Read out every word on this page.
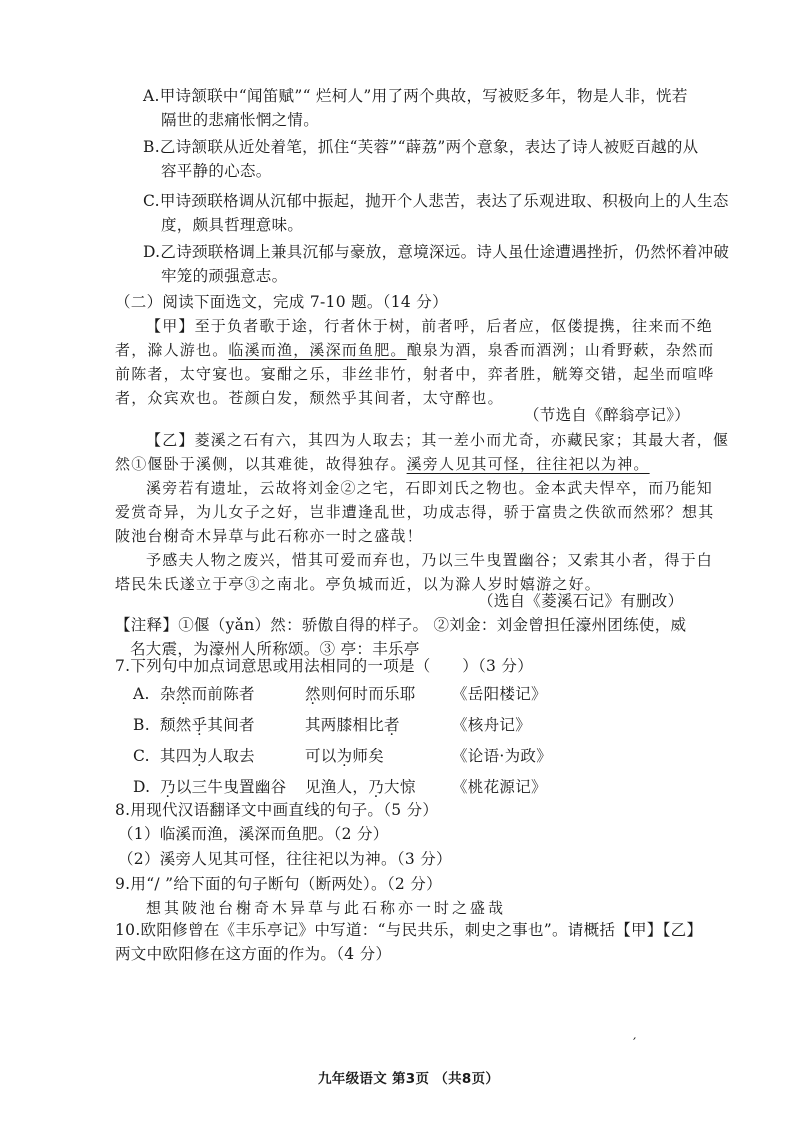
A.甲诗颔联中“闻笛赋”“ 烂柯人”用了两个典故，写被贬多年，物是人非，恍若
隔世的悲痛怅惘之情。
B.乙诗颔联从近处着笔，抓住“芙蓉”“薜荔”两个意象，表达了诗人被贬百越的从
容平静的心态。
C.甲诗颈联格调从沉郁中振起，抛开个人悲苦，表达了乐观进取、积极向上的人生态
度，颇具哲理意味。
D.乙诗颈联格调上兼具沉郁与豪放，意境深远。诗人虽仕途遭遇挫折，仍然怀着冲破
牢笼的顽强意志。
（二）阅读下面选文，完成 7-10 题。（14 分）
【甲】至于负者歌于途，行者休于树，前者呼，后者应，伛偻提携，往来而不绝
者，滁人游也。临溪而渔，溪深而鱼肥。酿泉为酒，泉香而酒洌；山肴野蔌，杂然而
前陈者，太守宴也。宴酣之乐，非丝非竹，射者中，弈者胜，觥筹交错，起坐而喧哗
者，众宾欢也。苍颜白发，颓然乎其间者，太守醉也。
（节选自《醉翁亭记》）
【乙】菱溪之石有六，其四为人取去；其一差小而尤奇，亦藏民家；其最大者，偃
然①偃卧于溪侧，以其难徙，故得独存。溪旁人见其可怪，往往祀以为神。
溪旁若有遗址，云故将刘金②之宅，石即刘氏之物也。金本武夫悍卒，而乃能知
爱赏奇异，为儿女子之好，岂非遭逢乱世，功成志得，骄于富贵之佚欲而然邪？想其
陂池台榭奇木异草与此石称亦一时之盛哉！
予感夫人物之废兴，惜其可爱而弃也，乃以三牛曳置幽谷；又索其小者，得于白
塔民朱氏遂立于亭③之南北。亭负城而近，以为滁人岁时嬉游之好。
（选自《菱溪石记》有删改）
【注释】①偃（yǎn）然：骄傲自得的样子。 ②刘金：刘金曾担任濠州团练使，威
名大震，为濠州人所称颂。③ 亭：丰乐亭
7.下列句中加点词意思或用法相同的一项是（　　）（3 分）
A. 杂然而前陈者	然则何时而乐耶 《岳阳楼记》
B. 颓然乎其间者	其两膝相比者	《核舟记》
C. 其四为人取去	可以为师矣	《论语·为政》
D. 乃以三牛曳置幽谷 见渔人，乃大惊 《桃花源记》
8.用现代汉语翻译文中画直线的句子。（5 分）
（1）临溪而渔，溪深而鱼肥。（2 分）
（2）溪旁人见其可怪，往往祀以为神。（3 分）
9.用“/ ”给下面的句子断句（断两处）。（2 分）
想其陂池台榭奇木异草与此石称亦一时之盛哉
10.欧阳修曾在《丰乐亭记》中写道：“与民共乐，刺史之事也”。请概括【甲】【乙】
两文中欧阳修在这方面的作为。（4 分）
′
九年级语文 第3页 （共8页）
